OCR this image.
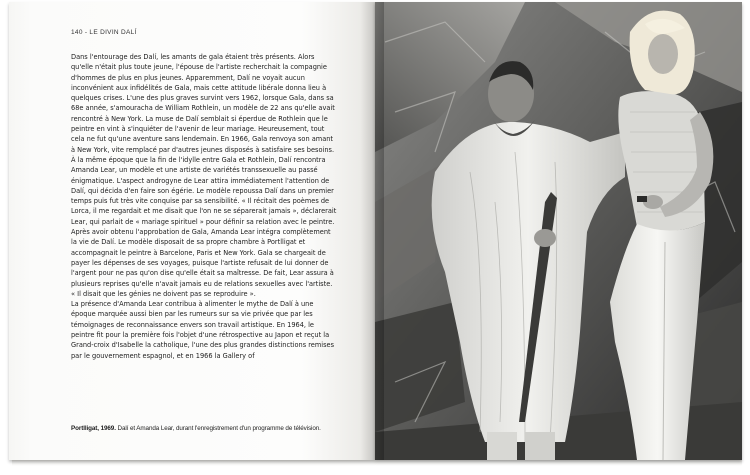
140 - LE DIVIN DALÍ

Dans l'entourage des Dalí, les amants de gala étaient très présents. Alors qu'elle n'était plus toute jeune, l'épouse de l'artiste recherchait la compagnie d'hommes de plus en plus jeunes. Apparemment, Dalí ne voyait aucun inconvénient aux infidélités de Gala, mais cette attitude libérale donna lieu à quelques crises. L'une des plus graves survint vers 1962, lorsque Gala, dans sa 68e année, s'amouracha de William Rothlein, un modèle de 22 ans qu'elle avait rencontré à New York. La muse de Dalí semblait si éperdue de Rothlein que le peintre en vint à s'inquiéter de l'avenir de leur mariage. Heureusement, tout cela ne fut qu'une aventure sans lendemain. En 1966, Gala renvoya son amant à New York, vite remplacé par d'autres jeunes disposés à satisfaire ses besoins.

À la même époque que la fin de l'idylle entre Gala et Rothlein, Dalí rencontra Amanda Lear, un modèle et une artiste de variétés transsexuelle au passé énigmatique. L'aspect androgyne de Lear attira immédiatement l'attention de Dalí, qui décida d'en faire son égérie. Le modèle repoussa Dalí dans un premier temps puis fut très vite conquise par sa sensibilité. « Il récitait des poèmes de Lorca, il me regardait et me disait que l'on ne se séparerait jamais », déclarerait Lear, qui parlait de « mariage spirituel » pour définir sa relation avec le peintre.

Après avoir obtenu l'approbation de Gala, Amanda Lear intégra complètement la vie de Dalí. Le modèle disposait de sa propre chambre à Portlligat et accompagnait le peintre à Barcelone, Paris et New York. Gala se chargeait de payer les dépenses de ses voyages, puisque l'artiste refusait de lui donner de l'argent pour ne pas qu'on dise qu'elle était sa maîtresse. De fait, Lear assura à plusieurs reprises qu'elle n'avait jamais eu de relations sexuelles avec l'artiste. « Il disait que les génies ne doivent pas se reproduire ».

La présence d'Amanda Lear contribua à alimenter le mythe de Dalí à une époque marquée aussi bien par les rumeurs sur sa vie privée que par les témoignages de reconnaissance envers son travail artistique. En 1964, le peintre fit pour la première fois l'objet d'une rétrospective au Japon et reçut la Grand-croix d'Isabelle la catholique, l'une des plus grandes distinctions remises par le gouvernement espagnol, et en 1966 la Gallery of

Portlligat, 1969. Dalí et Amanda Lear, durant l'enregistrement d'un programme de télévision.
